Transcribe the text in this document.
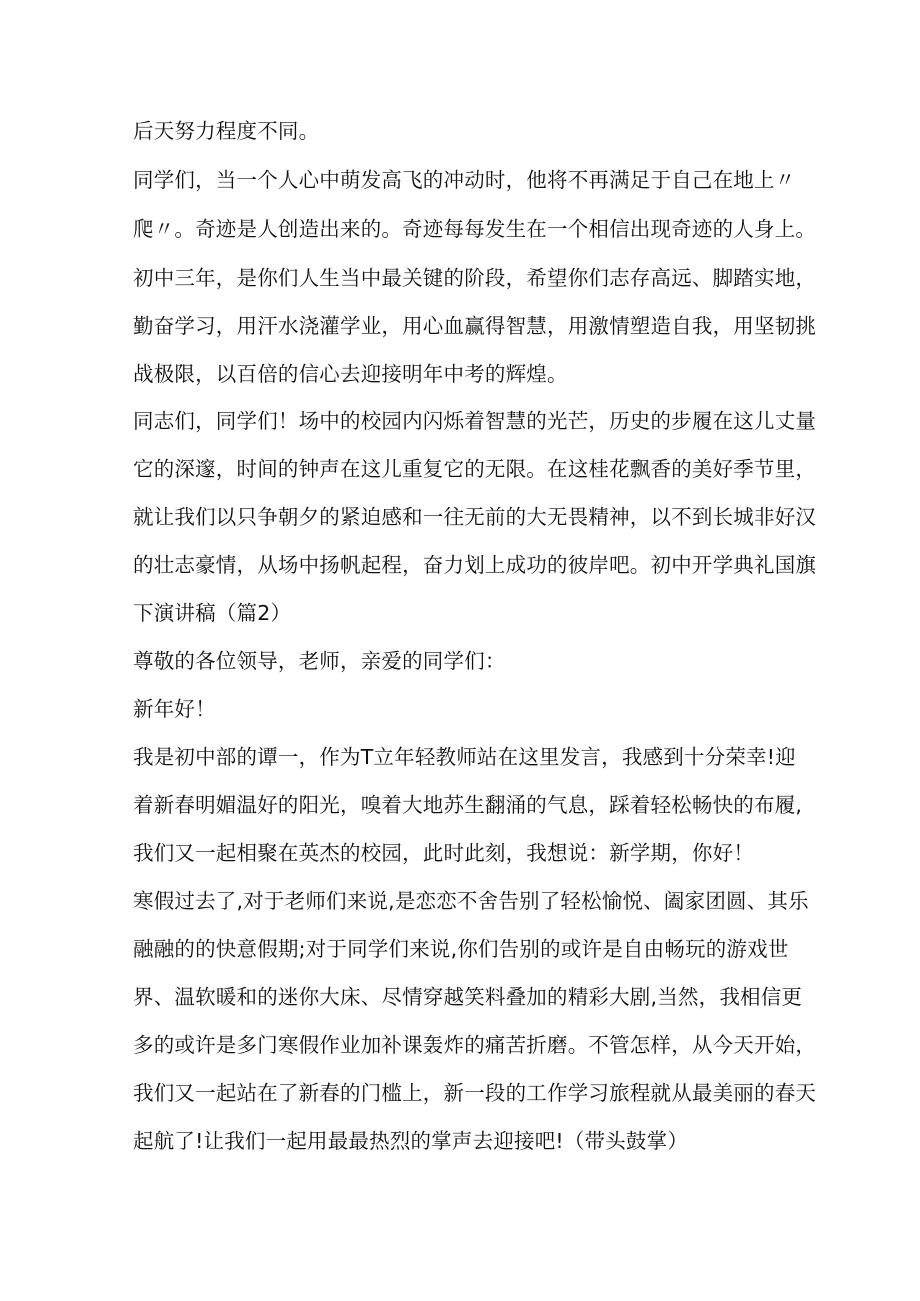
后天努力程度不同。
同学们，当一个人心中萌发高飞的冲动时，他将不再满足于自己在地上〃
爬〃。奇迹是人创造出来的。奇迹每每发生在一个相信出现奇迹的人身上。
初中三年，是你们人生当中最关键的阶段，希望你们志存高远、脚踏实地，
勤奋学习，用汗水浇灌学业，用心血赢得智慧，用激情塑造自我，用坚韧挑
战极限，以百倍的信心去迎接明年中考的辉煌。
同志们，同学们！场中的校园内闪烁着智慧的光芒，历史的步履在这儿丈量
它的深邃，时间的钟声在这儿重复它的无限。在这桂花飘香的美好季节里，
就让我们以只争朝夕的紧迫感和一往无前的大无畏精神，以不到长城非好汉
的壮志豪情，从场中扬帆起程，奋力划上成功的彼岸吧。初中开学典礼国旗
下演讲稿（篇2）
尊敬的各位领导，老师，亲爱的同学们：
新年好！
我是初中部的谭一，作为T立年轻教师站在这里发言，我感到十分荣幸!迎
着新春明媚温好的阳光，嗅着大地苏生翻涌的气息，踩着轻松畅快的布履,
我们又一起相聚在英杰的校园，此时此刻，我想说：新学期，你好！
寒假过去了,对于老师们来说,是恋恋不舍告别了轻松愉悦、阖家团圆、其乐
融融的的快意假期;对于同学们来说,你们告别的或许是自由畅玩的游戏世
界、温软暖和的迷你大床、尽情穿越笑料叠加的精彩大剧,当然，我相信更
多的或许是多门寒假作业加补课轰炸的痛苦折磨。不管怎样，从今天开始，
我们又一起站在了新春的门槛上，新一段的工作学习旅程就从最美丽的春天
起航了!让我们一起用最最热烈的掌声去迎接吧!（带头鼓掌）
